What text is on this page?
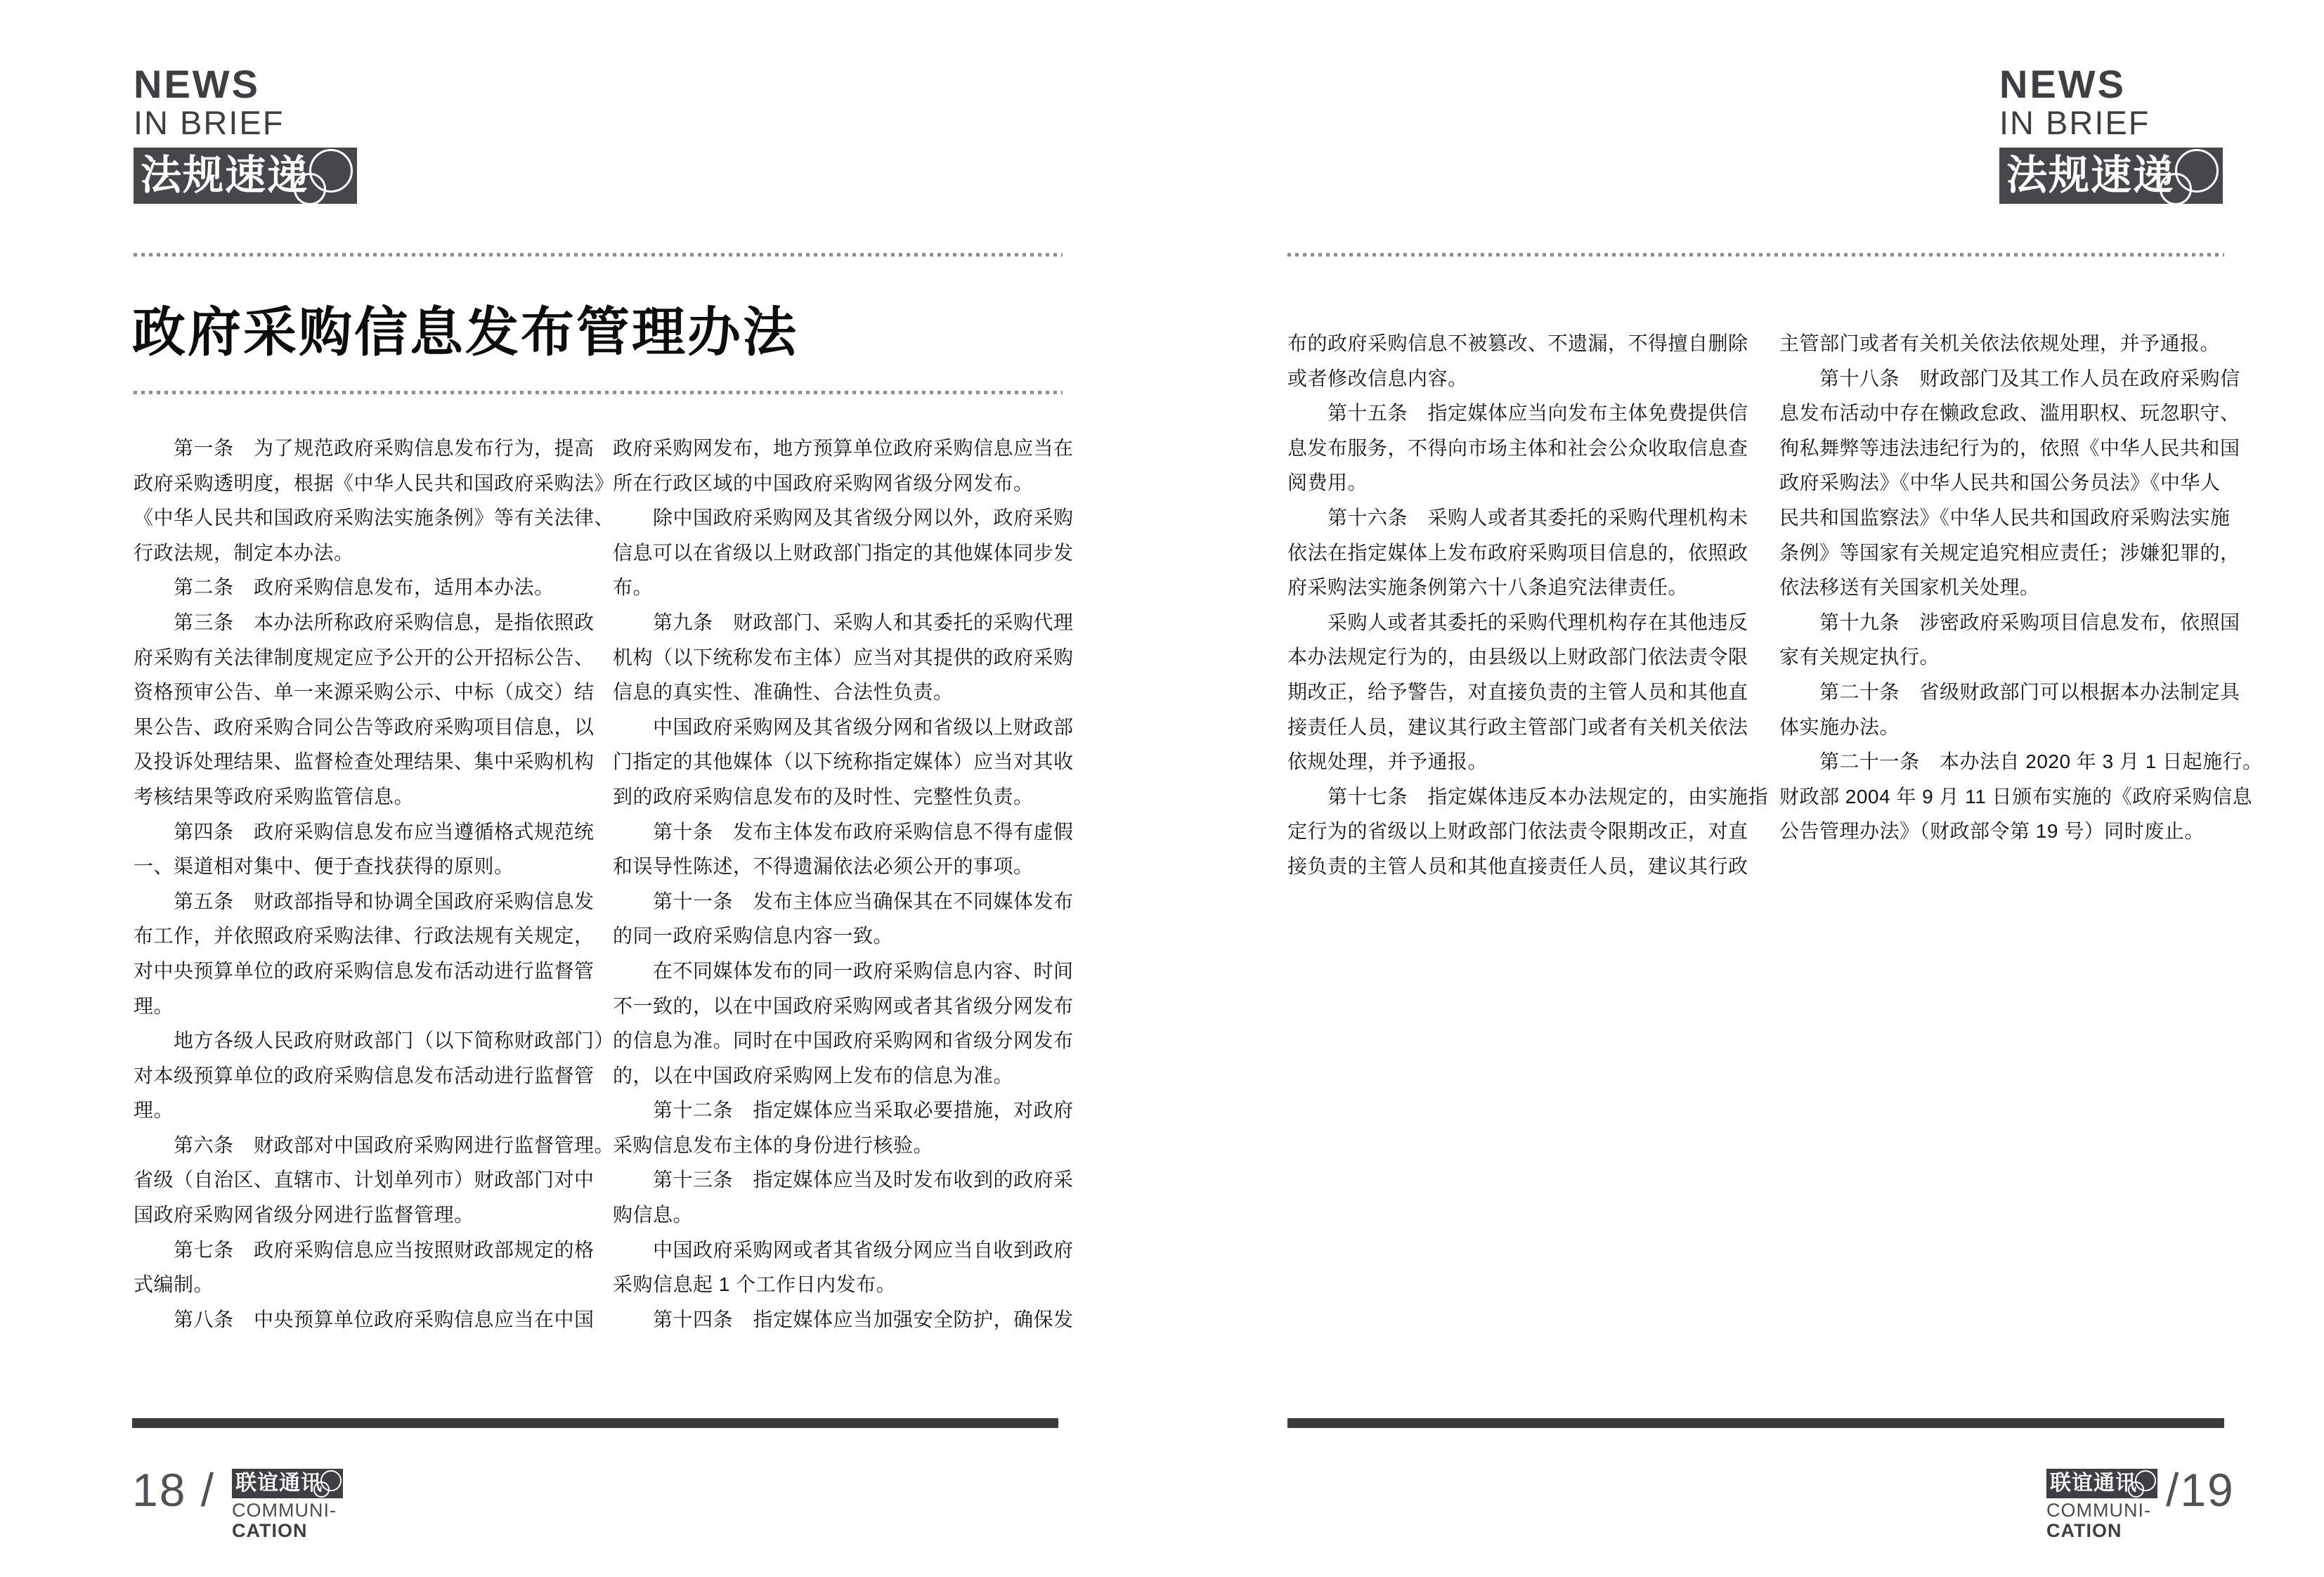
NEWS
IN BRIEF
法规速递
NEWS
IN BRIEF
法规速递
政府采购信息发布管理办法
　　第一条　为了规范政府采购信息发布行为，提高
政府采购透明度，根据《中华人民共和国政府采购法》
《中华人民共和国政府采购法实施条例》等有关法律、
行政法规，制定本办法。
　　第二条　政府采购信息发布，适用本办法。
　　第三条　本办法所称政府采购信息，是指依照政
府采购有关法律制度规定应予公开的公开招标公告、
资格预审公告、单一来源采购公示、中标（成交）结
果公告、政府采购合同公告等政府采购项目信息，以
及投诉处理结果、监督检查处理结果、集中采购机构
考核结果等政府采购监管信息。
　　第四条　政府采购信息发布应当遵循格式规范统
一、渠道相对集中、便于查找获得的原则。
　　第五条　财政部指导和协调全国政府采购信息发
布工作，并依照政府采购法律、行政法规有关规定，
对中央预算单位的政府采购信息发布活动进行监督管
理。
　　地方各级人民政府财政部门（以下简称财政部门）
对本级预算单位的政府采购信息发布活动进行监督管
理。
　　第六条　财政部对中国政府采购网进行监督管理。
省级（自治区、直辖市、计划单列市）财政部门对中
国政府采购网省级分网进行监督管理。
　　第七条　政府采购信息应当按照财政部规定的格
式编制。
　　第八条　中央预算单位政府采购信息应当在中国
政府采购网发布，地方预算单位政府采购信息应当在
所在行政区域的中国政府采购网省级分网发布。
　　除中国政府采购网及其省级分网以外，政府采购
信息可以在省级以上财政部门指定的其他媒体同步发
布。
　　第九条　财政部门、采购人和其委托的采购代理
机构（以下统称发布主体）应当对其提供的政府采购
信息的真实性、准确性、合法性负责。
　　中国政府采购网及其省级分网和省级以上财政部
门指定的其他媒体（以下统称指定媒体）应当对其收
到的政府采购信息发布的及时性、完整性负责。
　　第十条　发布主体发布政府采购信息不得有虚假
和误导性陈述，不得遗漏依法必须公开的事项。
　　第十一条　发布主体应当确保其在不同媒体发布
的同一政府采购信息内容一致。
　　在不同媒体发布的同一政府采购信息内容、时间
不一致的，以在中国政府采购网或者其省级分网发布
的信息为准。同时在中国政府采购网和省级分网发布
的，以在中国政府采购网上发布的信息为准。
　　第十二条　指定媒体应当采取必要措施，对政府
采购信息发布主体的身份进行核验。
　　第十三条　指定媒体应当及时发布收到的政府采
购信息。
　　中国政府采购网或者其省级分网应当自收到政府
采购信息起 1 个工作日内发布。
　　第十四条　指定媒体应当加强安全防护，确保发
布的政府采购信息不被篡改、不遗漏，不得擅自删除
或者修改信息内容。
　　第十五条　指定媒体应当向发布主体免费提供信
息发布服务，不得向市场主体和社会公众收取信息查
阅费用。
　　第十六条　采购人或者其委托的采购代理机构未
依法在指定媒体上发布政府采购项目信息的，依照政
府采购法实施条例第六十八条追究法律责任。
　　采购人或者其委托的采购代理机构存在其他违反
本办法规定行为的，由县级以上财政部门依法责令限
期改正，给予警告，对直接负责的主管人员和其他直
接责任人员，建议其行政主管部门或者有关机关依法
依规处理，并予通报。
　　第十七条　指定媒体违反本办法规定的，由实施指
定行为的省级以上财政部门依法责令限期改正，对直
接负责的主管人员和其他直接责任人员，建议其行政
主管部门或者有关机关依法依规处理，并予通报。
　　第十八条　财政部门及其工作人员在政府采购信
息发布活动中存在懒政怠政、滥用职权、玩忽职守、
徇私舞弊等违法违纪行为的，依照《中华人民共和国
政府采购法》《中华人民共和国公务员法》《中华人
民共和国监察法》《中华人民共和国政府采购法实施
条例》等国家有关规定追究相应责任；涉嫌犯罪的，
依法移送有关国家机关处理。
　　第十九条　涉密政府采购项目信息发布，依照国
家有关规定执行。
　　第二十条　省级财政部门可以根据本办法制定具
体实施办法。
　　第二十一条　本办法自 2020 年 3 月 1 日起施行。
财政部 2004 年 9 月 11 日颁布实施的《政府采购信息
公告管理办法》（财政部令第 19 号）同时废止。
18 / 联谊通讯
COMMUNI-
CATION
联谊通讯
COMMUNI-
CATION
/19
